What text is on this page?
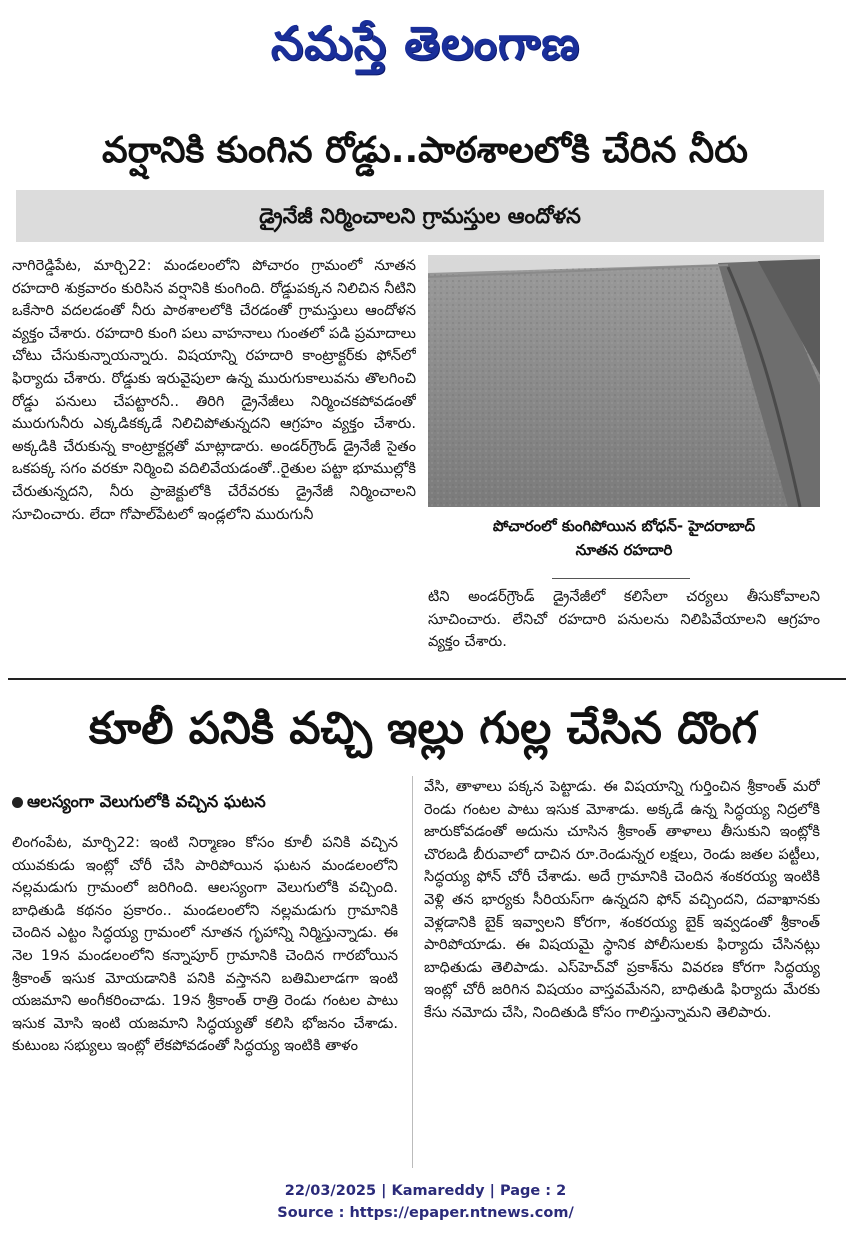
నమస్తే తెలంగాణ
వర్షానికి కుంగిన రోడ్డు..పాఠశాలలోకి చేరిన నీరు
డ్రైనేజీ నిర్మించాలని గ్రామస్తుల ఆందోళన
నాగిరెడ్డిపేట, మార్చి22: మండలంలోని పోచారం గ్రామంలో నూతన రహదారి శుక్రవారం కురిసిన వర్షానికి కుంగింది. రోడ్డుపక్కన నిలిచిన నీటిని ఒకేసారి వదలడంతో నీరు పాఠశాలలోకి చేరడంతో గ్రామస్తులు ఆందోళన వ్యక్తం చేశారు. రహదారి కుంగి పలు వాహనాలు గుంతలో పడి ప్రమాదాలు చోటు చేసుకున్నాయన్నారు. విషయాన్ని రహదారి కాంట్రాక్టర్‌కు ఫోన్‌లో ఫిర్యాదు చేశారు. రోడ్డుకు ఇరువైపులా ఉన్న మురుగుకాలువను తొలగించి రోడ్డు పనులు చేపట్టారనీ.. తిరిగి డ్రైనేజీలు నిర్మించకపోవడంతో మురుగునీరు ఎక్కడికక్కడే నిలిచిపోతున్నదని ఆగ్రహం వ్యక్తం చేశారు. అక్కడికి చేరుకున్న కాంట్రాక్టర్లతో మాట్లాడారు. అండర్‌గ్రౌండ్ డ్రైనేజీ సైతం ఒకపక్క సగం వరకూ నిర్మించి వదిలివేయడంతో..రైతుల పట్టా భూముల్లోకి చేరుతున్నదని, నీరు ప్రాజెక్టులోకి చేరేవరకు డ్రైనేజీ నిర్మించాలని సూచించారు. లేదా గోపాల్‌పేటలో ఇండ్లలోని మురుగునీ
పోచారంలో కుంగిపోయిన బోధన్‌- హైదరాబాద్
నూతన రహదారి
టిని అండర్‌గ్రౌండ్ డ్రైనేజీలో కలిసేలా చర్యలు తీసుకోవాలని సూచించారు. లేనిచో రహదారి పనులను నిలిపివేయాలని ఆగ్రహం వ్యక్తం చేశారు.
కూలీ పనికి వచ్చి ఇల్లు గుల్ల చేసిన దొంగ
ఆలస్యంగా వెలుగులోకి వచ్చిన ఘటన
లింగంపేట, మార్చి22: ఇంటి నిర్మాణం కోసం కూలీ పనికి వచ్చిన యువకుడు ఇంట్లో చోరీ చేసి పారిపోయిన ఘటన మండలంలోని నల్లమడుగు గ్రామంలో జరిగింది. ఆలస్యంగా వెలుగులోకి వచ్చింది. బాధితుడి కథనం ప్రకారం.. మండలంలోని నల్లమడుగు గ్రామానికి చెందిన ఎట్టం సిద్ధయ్య గ్రామంలో నూతన గృహాన్ని నిర్మిస్తున్నాడు. ఈ నెల 19న మండలంలోని కన్నాపూర్ గ్రామానికి చెందిన గారబోయిన శ్రీకాంత్ ఇసుక మోయడానికి పనికి వస్తానని బతిమిలాడగా ఇంటి యజమాని అంగీకరించాడు. 19న శ్రీకాంత్ రాత్రి రెండు గంటల పాటు ఇసుక మోసి ఇంటి యజమాని సిద్ధయ్యతో కలిసి భోజనం చేశాడు. కుటుంబ సభ్యులు ఇంట్లో లేకపోవడంతో సిద్ధయ్య ఇంటికి తాళం
వేసి, తాళాలు పక్కన పెట్టాడు. ఈ విషయాన్ని గుర్తించిన శ్రీకాంత్ మరో రెండు గంటల పాటు ఇసుక మోశాడు. అక్కడే ఉన్న సిద్ధయ్య నిద్రలోకి జారుకోవడంతో అదును చూసిన శ్రీకాంత్ తాళాలు తీసుకుని ఇంట్లోకి చొరబడి బీరువాలో దాచిన రూ.రెండున్నర లక్షలు, రెండు జతల పట్టీలు, సిద్ధయ్య ఫోన్ చోరీ చేశాడు. అదే గ్రామానికి చెందిన శంకరయ్య ఇంటికి వెళ్లి తన భార్యకు సీరియస్‌గా ఉన్నదని ఫోన్ వచ్చిందని, దవాఖానకు వెళ్లడానికి బైక్ ఇవ్వాలని కోరగా, శంకరయ్య బైక్ ఇవ్వడంతో శ్రీకాంత్ పారిపోయాడు. ఈ విషయమై స్థానిక పోలీసులకు ఫిర్యాదు చేసినట్లు బాధితుడు తెలిపాడు. ఎస్‌హెచ్‌వో ప్రకాశ్‌ను వివరణ కోరగా సిద్ధయ్య ఇంట్లో చోరీ జరిగిన విషయం వాస్తవమేనని, బాధితుడి ఫిర్యాదు మేరకు కేసు నమోదు చేసి, నిందితుడి కోసం గాలిస్తున్నామని తెలిపారు.
22/03/2025 | Kamareddy | Page : 2
Source : https://epaper.ntnews.com/
